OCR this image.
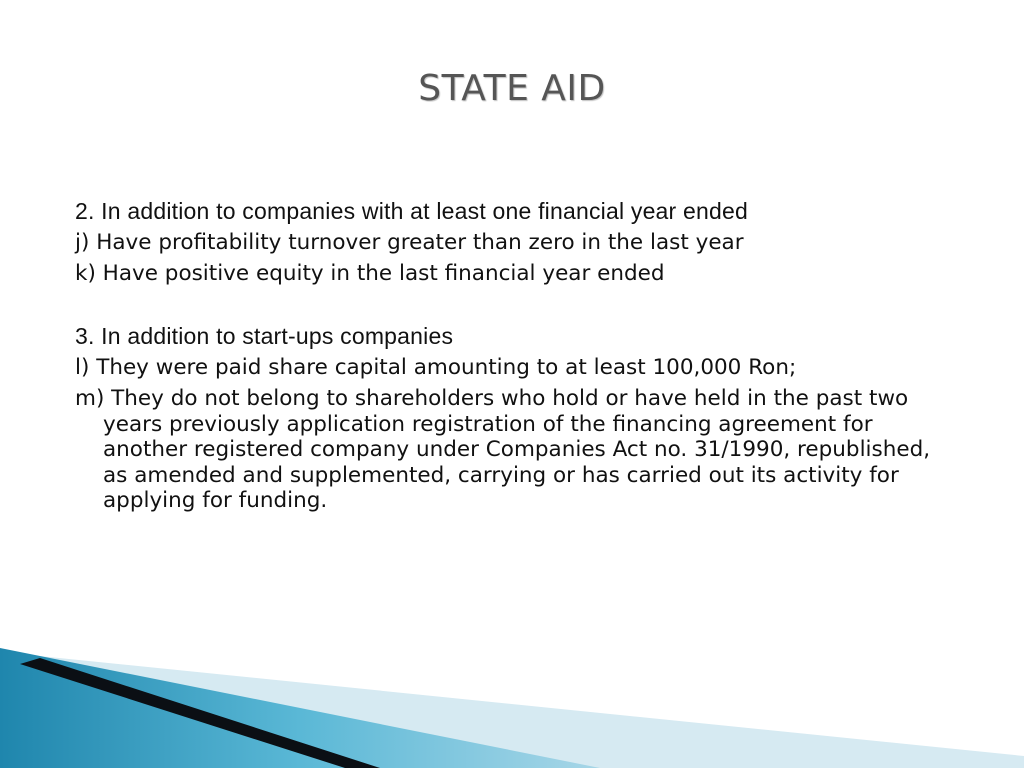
STATE AID
2. In addition to companies with at least one financial year ended
j) Have profitability turnover greater than zero in the last year
k) Have positive equity in the last financial year ended
3. In addition to start-ups companies
l) They were paid share capital amounting to at least 100,000 Ron;
m) They do not belong to shareholders who hold or have held in the past two years previously application registration of the financing agreement for another registered company under Companies Act no. 31/1990, republished, as amended and supplemented, carrying or has carried out its activity for applying for funding.
